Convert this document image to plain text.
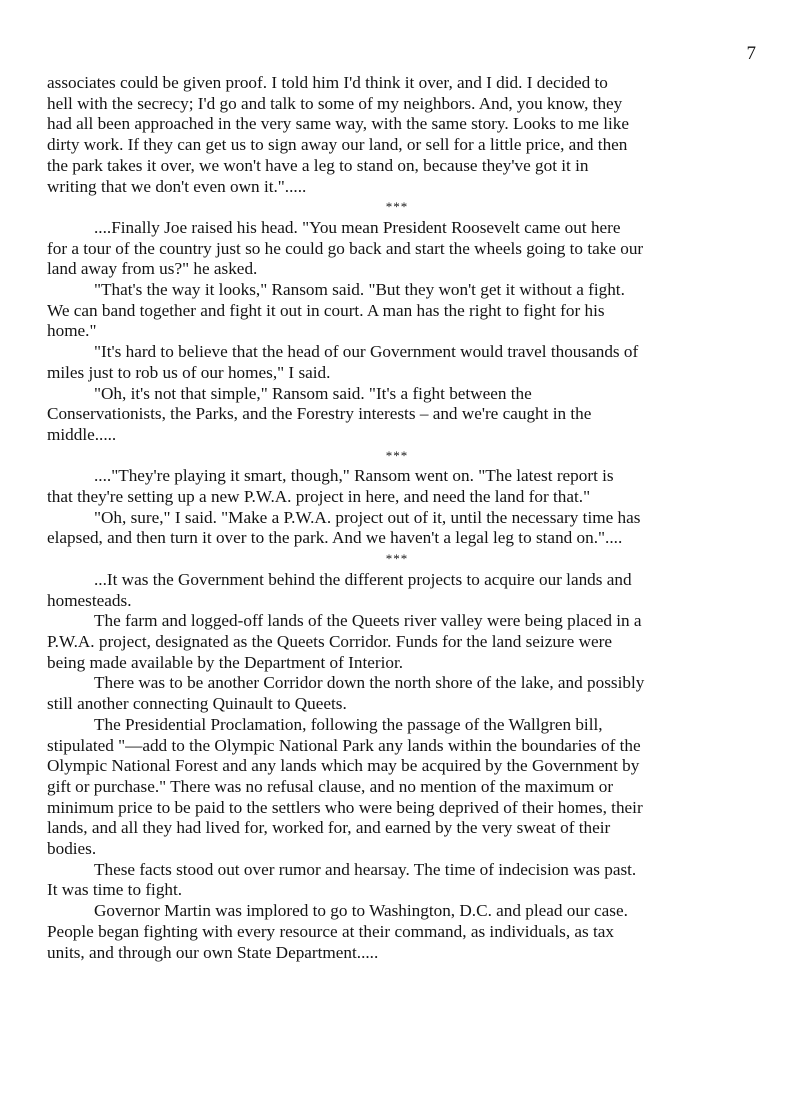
7

associates could be given proof. I told him I'd think it over, and I did. I decided to
hell with the secrecy; I'd go and talk to some of my neighbors. And, you know, they
had all been approached in the very same way, with the same story. Looks to me like
dirty work. If they can get us to sign away our land, or sell for a little price, and then
the park takes it over, we won't have a leg to stand on, because they've got it in
writing that we don't even own it.".....

***

....Finally Joe raised his head. "You mean President Roosevelt came out here
for a tour of the country just so he could go back and start the wheels going to take our
land away from us?" he asked.

"That's the way it looks," Ransom said. "But they won't get it without a fight.
We can band together and fight it out in court. A man has the right to fight for his
home."

"It's hard to believe that the head of our Government would travel thousands of
miles just to rob us of our homes," I said.

"Oh, it's not that simple," Ransom said. "It's a fight between the
Conservationists, the Parks, and the Forestry interests – and we're caught in the
middle.....

***

...."They're playing it smart, though," Ransom went on. "The latest report is
that they're setting up a new P.W.A. project in here, and need the land for that."

"Oh, sure," I said. "Make a P.W.A. project out of it, until the necessary time has
elapsed, and then turn it over to the park. And we haven't a legal leg to stand on."....

***

...It was the Government behind the different projects to acquire our lands and
homesteads.

The farm and logged-off lands of the Queets river valley were being placed in a
P.W.A. project, designated as the Queets Corridor. Funds for the land seizure were
being made available by the Department of Interior.

There was to be another Corridor down the north shore of the lake, and possibly
still another connecting Quinault to Queets.

The Presidential Proclamation, following the passage of the Wallgren bill,
stipulated "—add to the Olympic National Park any lands within the boundaries of the
Olympic National Forest and any lands which may be acquired by the Government by
gift or purchase." There was no refusal clause, and no mention of the maximum or
minimum price to be paid to the settlers who were being deprived of their homes, their
lands, and all they had lived for, worked for, and earned by the very sweat of their
bodies.

These facts stood out over rumor and hearsay. The time of indecision was past.
It was time to fight.

Governor Martin was implored to go to Washington, D.C. and plead our case.
People began fighting with every resource at their command, as individuals, as tax
units, and through our own State Department.....
